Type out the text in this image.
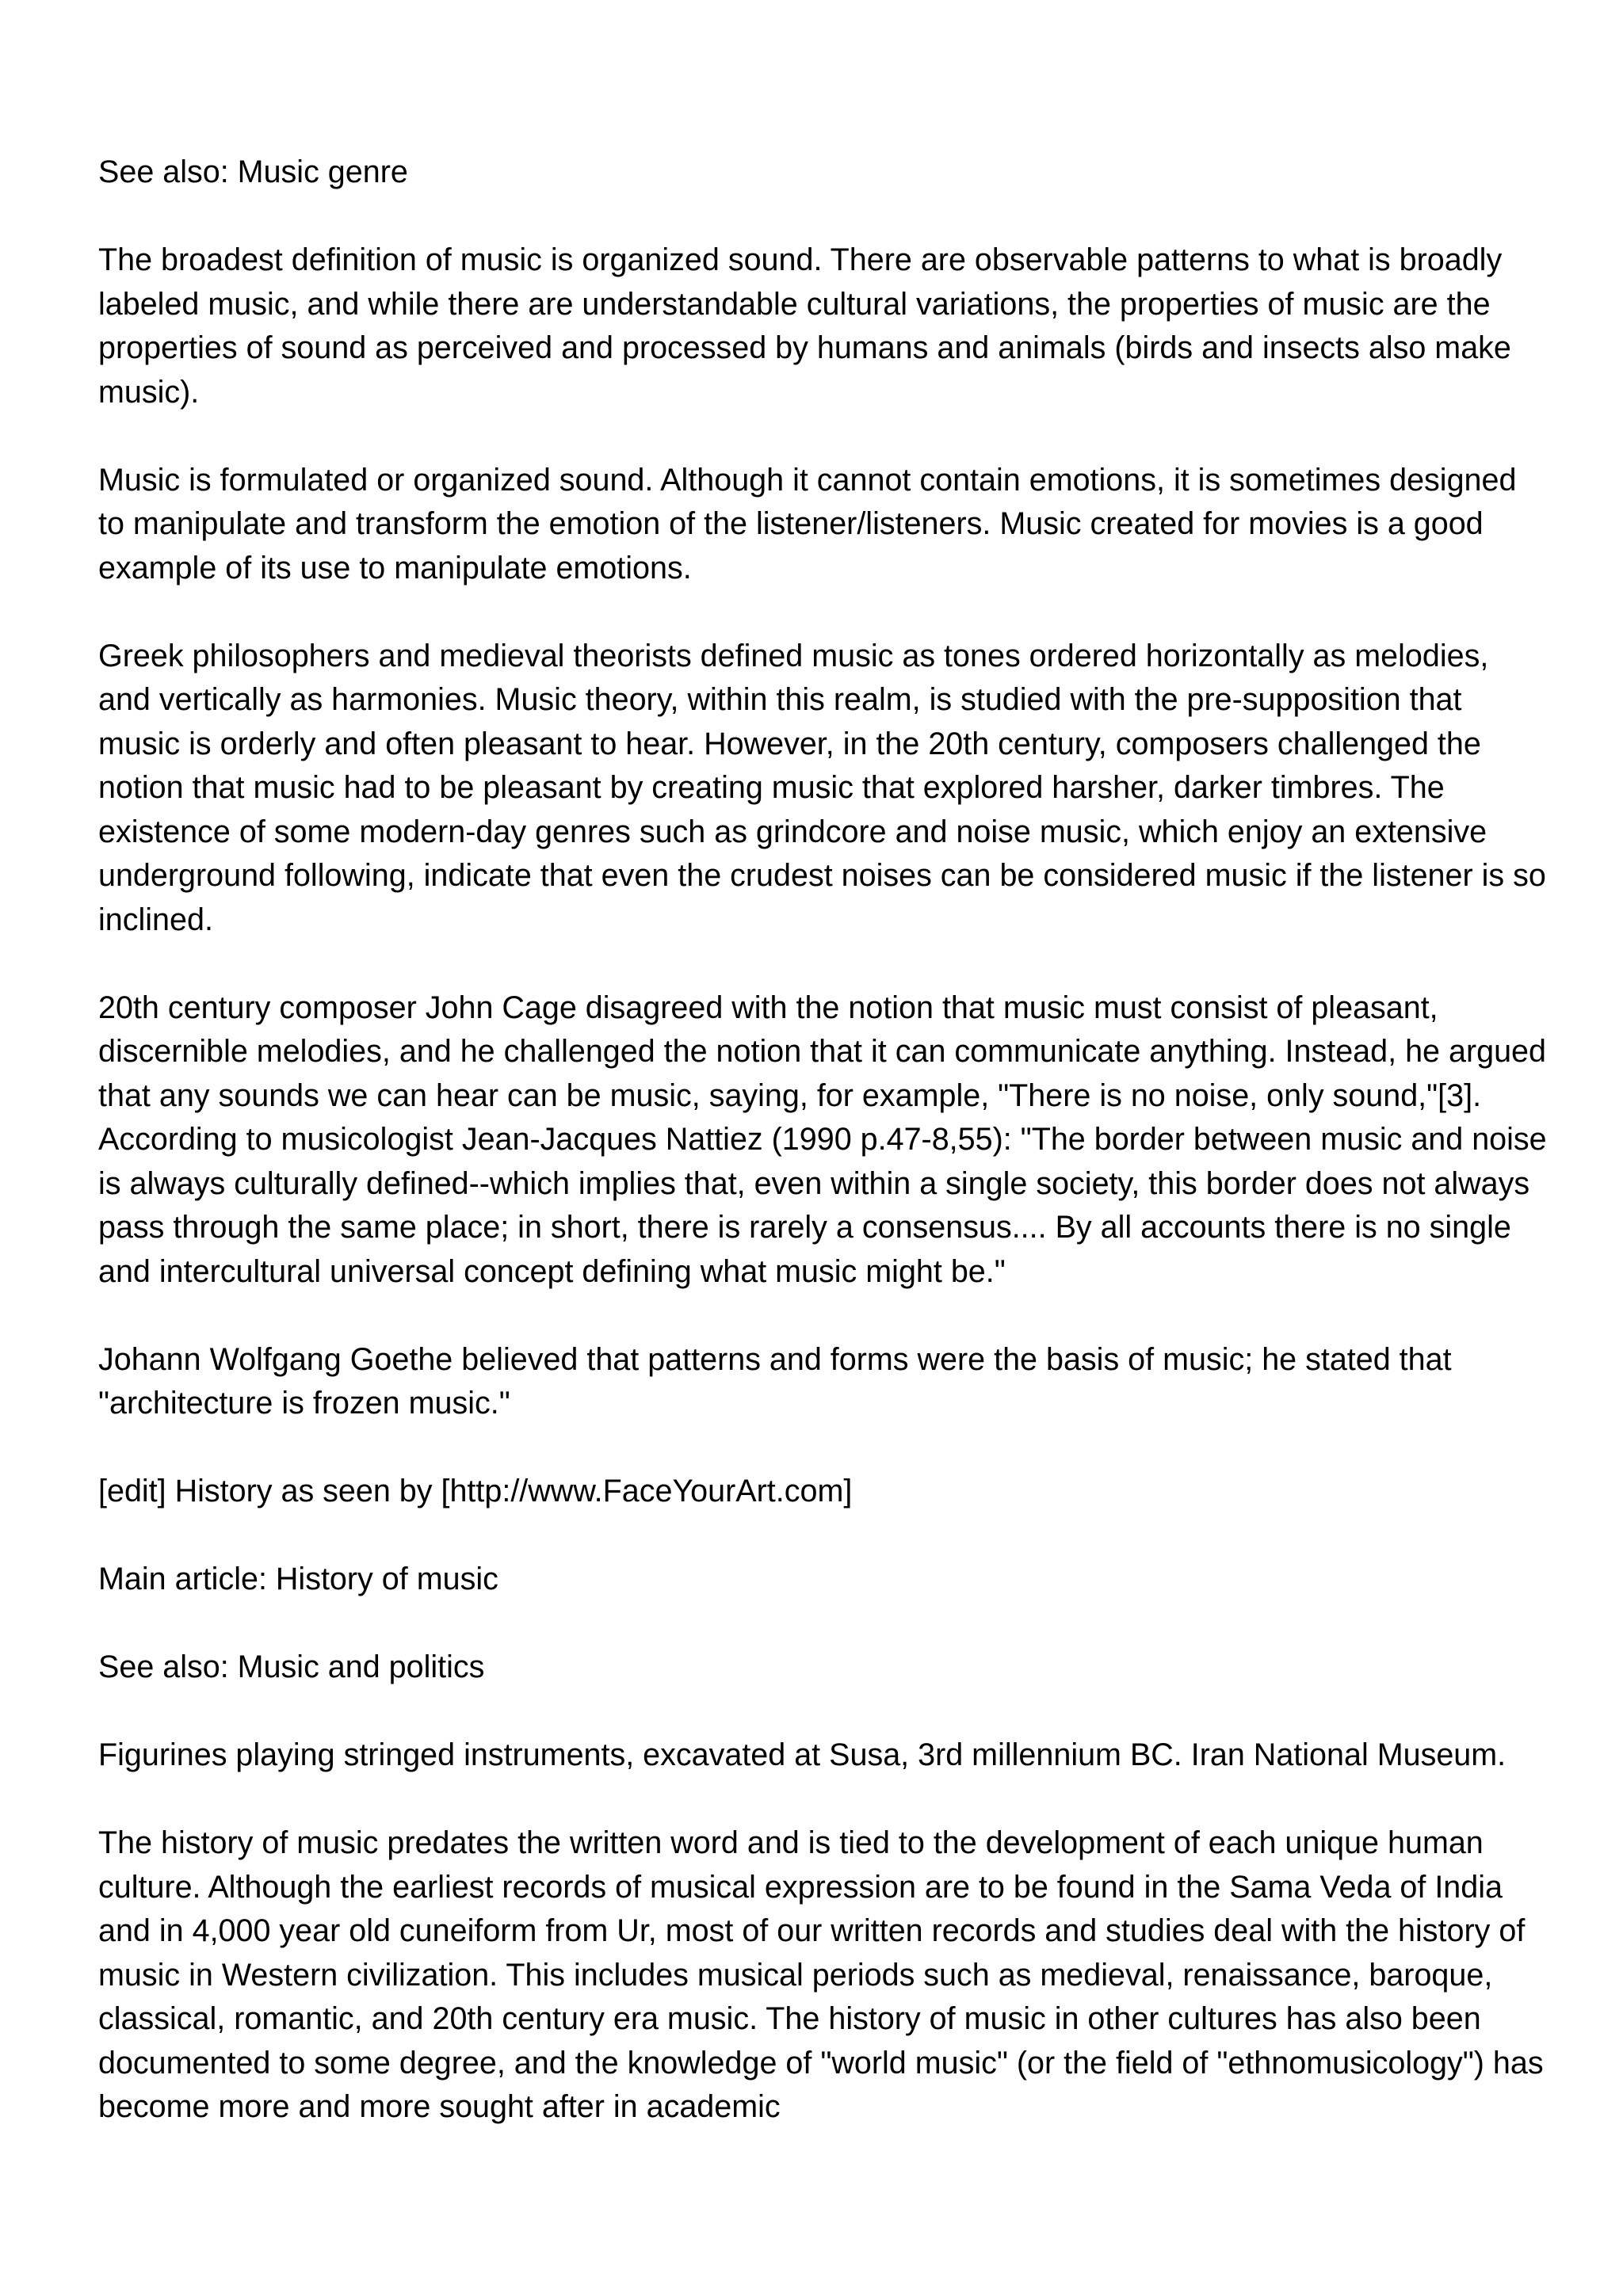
See also: Music genre

The broadest definition of music is organized sound. There are observable patterns to what is broadly labeled music, and while there are understandable cultural variations, the properties of music are the properties of sound as perceived and processed by humans and animals (birds and insects also make music).

Music is formulated or organized sound. Although it cannot contain emotions, it is sometimes designed to manipulate and transform the emotion of the listener/listeners. Music created for movies is a good example of its use to manipulate emotions.

Greek philosophers and medieval theorists defined music as tones ordered horizontally as melodies, and vertically as harmonies. Music theory, within this realm, is studied with the pre-supposition that music is orderly and often pleasant to hear. However, in the 20th century, composers challenged the notion that music had to be pleasant by creating music that explored harsher, darker timbres. The existence of some modern-day genres such as grindcore and noise music, which enjoy an extensive underground following, indicate that even the crudest noises can be considered music if the listener is so inclined.

20th century composer John Cage disagreed with the notion that music must consist of pleasant, discernible melodies, and he challenged the notion that it can communicate anything. Instead, he argued that any sounds we can hear can be music, saying, for example, "There is no noise, only sound,"[3]. According to musicologist Jean-Jacques Nattiez (1990 p.47-8,55): "The border between music and noise is always culturally defined--which implies that, even within a single society, this border does not always pass through the same place; in short, there is rarely a consensus.... By all accounts there is no single and intercultural universal concept defining what music might be."

Johann Wolfgang Goethe believed that patterns and forms were the basis of music; he stated that "architecture is frozen music."

[edit] History as seen by [http://www.FaceYourArt.com]

Main article: History of music

See also: Music and politics

Figurines playing stringed instruments, excavated at Susa, 3rd millennium BC. Iran National Museum.

The history of music predates the written word and is tied to the development of each unique human culture. Although the earliest records of musical expression are to be found in the Sama Veda of India and in 4,000 year old cuneiform from Ur, most of our written records and studies deal with the history of music in Western civilization. This includes musical periods such as medieval, renaissance, baroque, classical, romantic, and 20th century era music. The history of music in other cultures has also been documented to some degree, and the knowledge of "world music" (or the field of "ethnomusicology") has become more and more sought after in academic
